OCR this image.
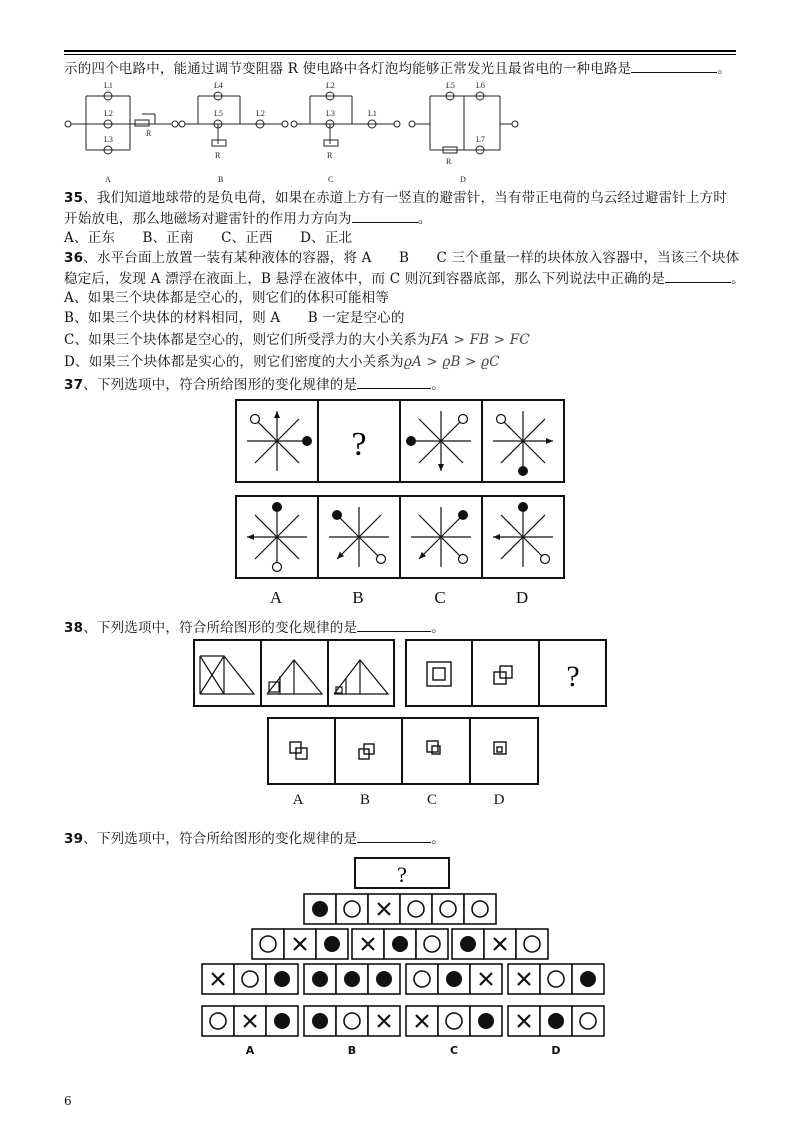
示的四个电路中，能通过调节变阻器 R 使电路中各灯泡均能够正常发光且最省电的一种电路是	。
L1
L2
L3
R
L4
L5	L2
R
L2
L3	L1
R
L5	L6
L7
R
A	B	C	D
35、我们知道地球带的是负电荷，如果在赤道上方有一竖直的避雷针，当有带正电荷的乌云经过避雷针上方时
开始放电，那么地磁场对避雷针的作用力方向为	。
A、正东　　B、正南　　C、正西　　D、正北
36、水平台面上放置一装有某种液体的容器，将 A　　B　　C 三个重量一样的块体放入容器中，当该三个块体
稳定后，发现 A 漂浮在液面上，B 悬浮在液体中，而 C 则沉到容器底部，那么下列说法中正确的是	。
A、如果三个块体都是空心的，则它们的体积可能相等
B、如果三个块体的材料相同，则 A　　B 一定是空心的
C、如果三个块体都是空心的，则它们所受浮力的大小关系为FA > FB > FC
D、如果三个块体都是实心的，则它们密度的大小关系为ϱA > ϱB > ϱC
37、下列选项中，符合所给图形的变化规律的是	。
?
A	B	C	D
38、下列选项中，符合所给图形的变化规律的是	。
?
A	B	C	D
39、下列选项中，符合所给图形的变化规律的是	。
?
A	B	C	D
6
